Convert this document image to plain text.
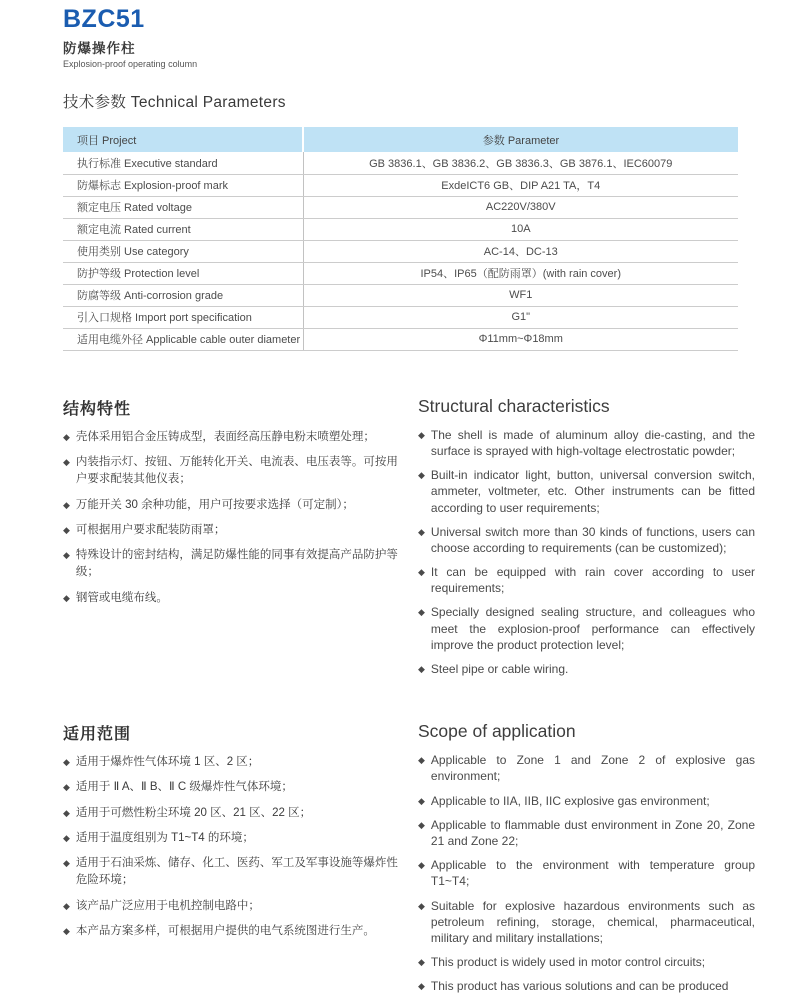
BZC51
防爆操作柱
Explosion-proof operating column
技术参数 Technical Parameters
项目 Project	参数 Parameter
执行标准 Executive standard	GB 3836.1、GB 3836.2、GB 3836.3、GB 3876.1、IEC60079
防爆标志 Explosion-proof mark	ExdeICT6 GB、DIP A21 TA，T4
额定电压 Rated voltage	AC220V/380V
额定电流 Rated current	10A
使用类别 Use category	AC-14、DC-13
防护等级 Protection level	IP54、IP65（配防雨罩）(with rain cover)
防腐等级 Anti-corrosion grade	WF1
引入口规格 Import port specification	G1"
适用电缆外径 Applicable cable outer diameter	Φ11mm~Φ18mm
结构特性
◆ 壳体采用铝合金压铸成型，表面经高压静电粉末喷塑处理；
◆ 内装指示灯、按钮、万能转化开关、电流表、电压表等。可按用户要求配装其他仪表；
◆ 万能开关 30 余种功能，用户可按要求选择（可定制）；
◆ 可根据用户要求配装防雨罩；
◆ 特殊设计的密封结构，满足防爆性能的同事有效提高产品防护等级；
◆ 钢管或电缆布线。
Structural characteristics
◆ The shell is made of aluminum alloy die-casting, and the surface is sprayed with high-voltage electrostatic powder;
◆ Built-in indicator light, button, universal conversion switch, ammeter, voltmeter, etc. Other instruments can be fitted according to user requirements;
◆ Universal switch more than 30 kinds of functions, users can choose according to requirements (can be customized);
◆ It can be equipped with rain cover according to user requirements;
◆ Specially designed sealing structure, and colleagues who meet the explosion-proof performance can effectively improve the product protection level;
◆ Steel pipe or cable wiring.
适用范围
◆ 适用于爆炸性气体环境 1 区、2 区；
◆ 适用于 Ⅱ A、Ⅱ B、Ⅱ C 级爆炸性气体环境；
◆ 适用于可燃性粉尘环境 20 区、21 区、22 区；
◆ 适用于温度组别为 T1~T4 的环境；
◆ 适用于石油采炼、储存、化工、医药、军工及军事设施等爆炸性危险环境；
◆ 该产品广泛应用于电机控制电路中；
◆ 本产品方案多样，可根据用户提供的电气系统图进行生产。
Scope of application
◆ Applicable to Zone 1 and Zone 2 of explosive gas environment;
◆ Applicable to IIA, IIB, IIC explosive gas environment;
◆ Applicable to flammable dust environment in Zone 20, Zone 21 and Zone 22;
◆ Applicable to the environment with temperature group T1~T4;
◆ Suitable for explosive hazardous environments such as petroleum refining, storage, chemical, pharmaceutical, military and military installations;
◆ This product is widely used in motor control circuits;
◆ This product has various solutions and can be produced
